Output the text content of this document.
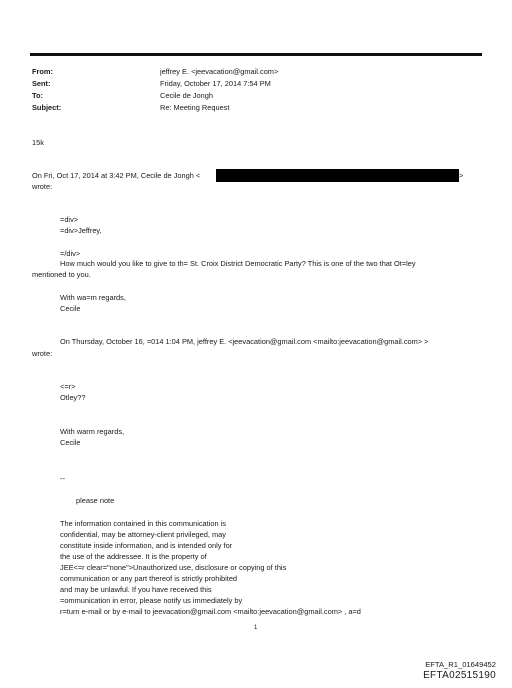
From:	jeffrey E. <jeevacation@gmail.com>
Sent:	Friday, October 17, 2014 7:54 PM
To:	Cecile de Jongh
Subject:	Re: Meeting Request
15k
On Fri, Oct 17, 2014 at 3:42 PM, Cecile de Jongh <	>
wrote:
=div>
=div>Jeffrey,
=/div>
How much would you like to give to th= St. Croix District Democratic Party? This is one of the two that Ot=ley
mentioned to you.
With wa=m regards,
Cecile
On Thursday, October 16, =014 1:04 PM, jeffrey E. <jeevacation@gmail.com <mailto:jeevacation@gmail.com> >
wrote:
<=r>
Otley??
With warm regards,
Cecile
--
please note
The information contained in this communication is
confidential, may be attorney-client privileged, may
constitute inside information, and is intended only for
the use of the addressee. It is the property of
JEE<=r clear="none">Unauthorized use, disclosure or copying of this
communication or any part thereof is strictly prohibited
and may be unlawful. If you have received this
=ommunication in error, please notify us immediately by
r=turn e-mail or by e-mail to jeevacation@gmail.com <mailto:jeevacation@gmail.com> , a=d
1
EFTA_R1_01649452
EFTA02515190
